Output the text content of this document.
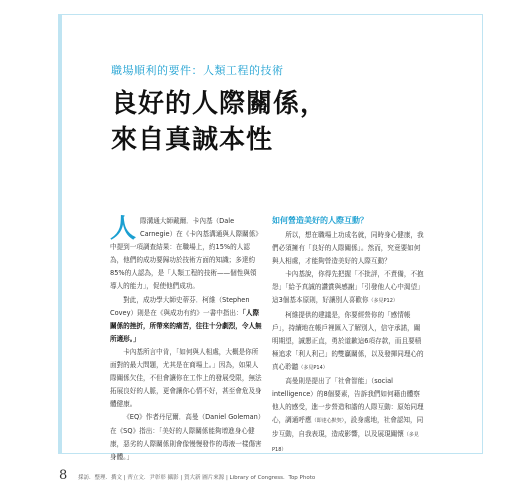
職場順利的要件：人類工程的技術
良好的人際關係，
來自真誠本性

人際溝通大師戴爾．卡內基（Dale Carnegie）在《卡內基溝通與人際關係》中提到一項調查結果：在職場上，約15%的人認為，他們的成功要歸功於技術方面的知識；多達約85%的人認為，是「人類工程的技術——個性與領導人的能力」，促使他們成功。

對此，成功學大師史蒂芬．柯維（Stephen Covey）則是在《與成功有約》一書中指出：「人際關係的挫折，所帶來的痛苦，往往十分劇烈，令人無所適形。」

卡內基所言中肯，「如何與人相處，大概是你所面對的最大問題，尤其是在商場上。」因為，如果人際關係欠佳，不但會讓你在工作上的發展受限，無法拓展良好的人脈，更會讓你心情不好，甚至會危及身體健康。

《EQ》作者丹尼爾．高曼（Daniel Goleman）在《SQ》指出：「美好的人際關係能夠增進身心健康，惡劣的人際關係則會像慢慢發作的毒液一樣傷害身體。」

如何營造美好的人際互動？

所以，想在職場上功成名就，同時身心健康，我們必須擁有「良好的人際關係」。然而，究竟要如何與人相處，才能夠營造美好的人際互動？

卡內基說，你得先把握「不批評，不責備，不抱怨」「給予真誠的讚賞與感謝」「引發他人心中渴望」這3個基本原則，好讓別人喜歡你（多見P12）

柯維提供的建議是，你要經營你的「感情帳戶」，持續地在帳戶裡匯入了解別人，信守承諾，關明期望，誠懇正直，勇於道歉這6項存款，而且要積極追求「利人利己」的雙贏關係，以及發揮同理心的真心聆聽（多見P14）

高曼則是提出了「社會智能」（social intelligence）的8個要素，告訴我們如何藉由體察他人的感受，進一步營造和諧的人際互動：原始同理心，調通呼應（即達心默契），設身處地，社會認知，同步互動，自我表現，造成影響，以及展現關懷（多見P18）

8 採訪．整理．撰文 | 齊立文．尹彰彰 攝影 | 賀大新 圖片來源 | Library of Congress．Top Photo
